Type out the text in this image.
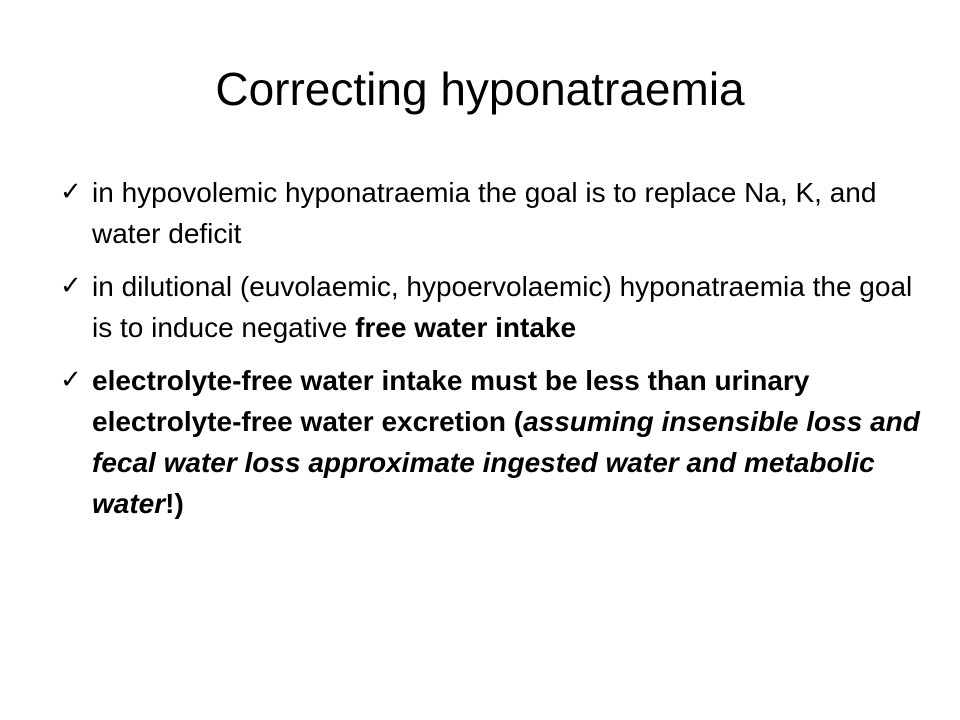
Correcting hyponatraemia
✓ in hypovolemic hyponatraemia the goal is to replace Na, K, and water deficit
✓ in dilutional (euvolaemic, hypoervolaemic) hyponatraemia the goal is to induce negative free water intake
✓ electrolyte-free water intake must be less than urinary electrolyte-free water excretion (assuming insensible loss and fecal water loss approximate ingested water and metabolic water!)
